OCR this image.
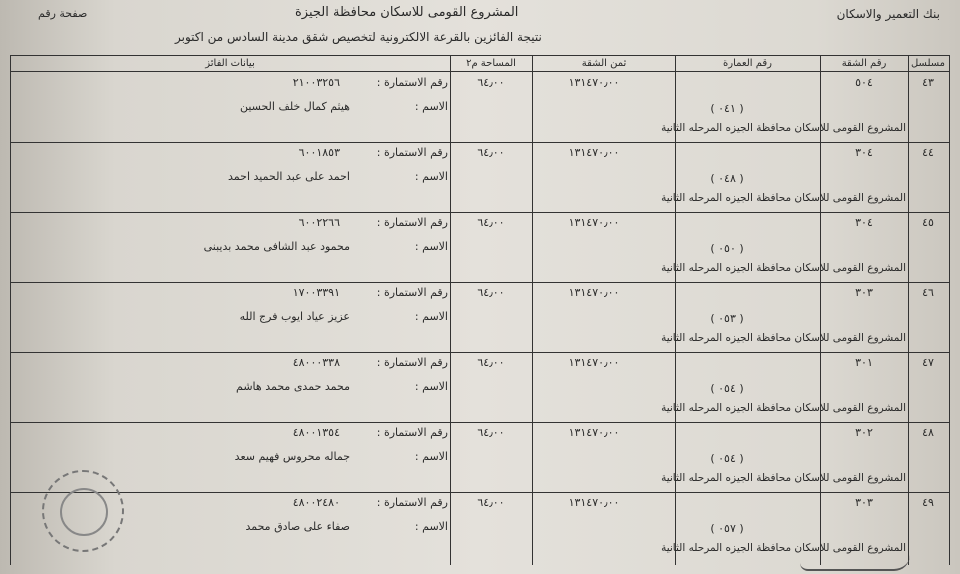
بنك التعمير والاسكان
المشروع القومى للاسكان محافظة الجيزة
صفحة رقم
نتيجة الفائزين بالقرعة الالكترونية لتخصيص شقق مدينة السادس من اكتوبر
مسلسل
رقم الشقة
رقم العمارة
ثمن الشقة
المساحة م٢
بيانات الفائز
٤٣
٥٠٤
( ٠٤١ )
المشروع القومى للاسكان محافظة الجيزه المرحله الثانية
١٣١٤٧٠٫٠٠
٦٤٫٠٠
رقم الاستمارة :
٢١٠٠٣٢٥٦
الاسم :
هيثم كمال خلف الحسين
٤٤
٣٠٤
( ٠٤٨ )
المشروع القومى للاسكان محافظة الجيزه المرحله الثانية
١٣١٤٧٠٫٠٠
٦٤٫٠٠
رقم الاستمارة :
٦٠٠١٨٥٣
الاسم :
احمد على عبد الحميد احمد
٤٥
٣٠٤
( ٠٥٠ )
المشروع القومى للاسكان محافظة الجيزه المرحله الثانية
١٣١٤٧٠٫٠٠
٦٤٫٠٠
رقم الاستمارة :
٦٠٠٢٢٦٦
الاسم :
محمود عبد الشافى محمد بديبنى
٤٦
٣٠٣
( ٠٥٣ )
المشروع القومى للاسكان محافظة الجيزه المرحله الثانية
١٣١٤٧٠٫٠٠
٦٤٫٠٠
رقم الاستمارة :
١٧٠٠٣٣٩١
الاسم :
عزيز عياد ايوب فرج الله
٤٧
٣٠١
( ٠٥٤ )
المشروع القومى للاسكان محافظة الجيزه المرحله الثانية
١٣١٤٧٠٫٠٠
٦٤٫٠٠
رقم الاستمارة :
٤٨٠٠٠٣٣٨
الاسم :
محمد حمدى محمد هاشم
٤٨
٣٠٢
( ٠٥٤ )
المشروع القومى للاسكان محافظة الجيزه المرحله الثانية
١٣١٤٧٠٫٠٠
٦٤٫٠٠
رقم الاستمارة :
٤٨٠٠١٣٥٤
الاسم :
جماله محروس فهيم سعد
٤٩
٣٠٣
( ٠٥٧ )
المشروع القومى للاسكان محافظة الجيزه المرحله الثانية
١٣١٤٧٠٫٠٠
٦٤٫٠٠
رقم الاستمارة :
٤٨٠٠٢٤٨٠
الاسم :
صفاء على صادق محمد
